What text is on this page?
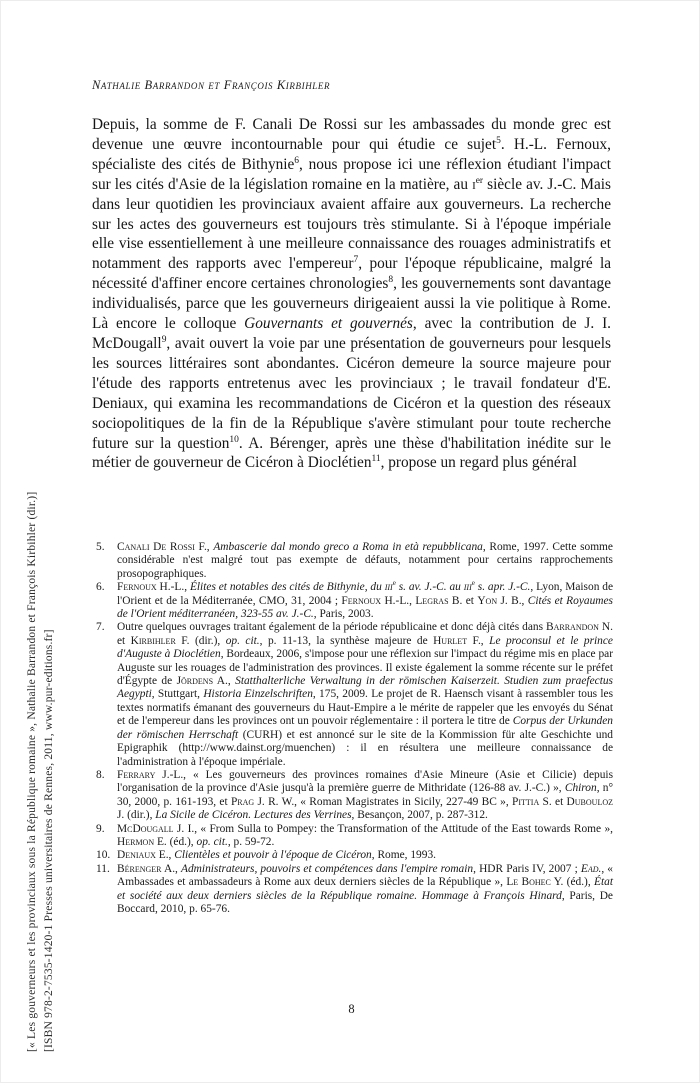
[« Les gouverneurs et les provinciaux sous la République romaine », Nathalie Barrandon et François Kirbihler (dir.)] [ISBN 978-2-7535-1420-1 Presses universitaires de Rennes, 2011, www.pur-editions.fr]
Nathalie Barrandon et François Kirbihler
Depuis, la somme de F. Canali De Rossi sur les ambassades du monde grec est devenue une œuvre incontournable pour qui étudie ce sujet$^5$. H.-L. Fernoux, spécialiste des cités de Bithynie$^6$, nous propose ici une réflexion étudiant l'impact sur les cités d'Asie de la législation romaine en la matière, au $i^{er}$ siècle av. J.-C. Mais dans leur quotidien les provinciaux avaient affaire aux gouverneurs. La recherche sur les actes des gouverneurs est toujours très stimulante. Si à l'époque impériale elle vise essentiellement à une meilleure connaissance des rouages administratifs et notamment des rapports avec l'empereur$^7$, pour l'époque républicaine, malgré la nécessité d'affiner encore certaines chronologies$^8$, les gouvernements sont davantage individualisés, parce que les gouverneurs dirigeaient aussi la vie politique à Rome. Là encore le colloque Gouvernants et gouvernés, avec la contribution de J. I. McDougall$^9$, avait ouvert la voie par une présentation de gouverneurs pour lesquels les sources littéraires sont abondantes. Cicéron demeure la source majeure pour l'étude des rapports entretenus avec les provinciaux ; le travail fondateur d'E. Deniaux, qui examina les recommandations de Cicéron et la question des réseaux sociopolitiques de la fin de la République s'avère stimulant pour toute recherche future sur la question$^{10}$. A. Bérenger, après une thèse d'habilitation inédite sur le métier de gouverneur de Cicéron à Dioclétien$^{11}$, propose un regard plus général
5.	Canali De Rossi F., Ambascerie dal mondo greco a Roma in età repubblicana, Rome, 1997. Cette somme considérable n'est malgré tout pas exempte de défauts, notamment pour certains rapprochements prosopographiques.
6.	Fernoux H.-L., Élites et notables des cités de Bithynie, du iii$^e$ s. av. J.-C. au iii$^e$ s. apr. J.-C., Lyon, Maison de l'Orient et de la Méditerranée, CMO, 31, 2004 ; Fernoux H.-L., Legras B. et Yon J. B., Cités et Royaumes de l'Orient méditerranéen, 323-55 av. J.-C., Paris, 2003.
7.	Outre quelques ouvrages traitant également de la période républicaine et donc déjà cités dans Barrandon N. et Kirbihler F. (dir.), op. cit., p. 11-13, la synthèse majeure de Hurlet F., Le proconsul et le prince d'Auguste à Dioclétien, Bordeaux, 2006, s'impose pour une réflexion sur l'impact du régime mis en place par Auguste sur les rouages de l'administration des provinces. Il existe également la somme récente sur le préfet d'Égypte de Jördens A., Statthalterliche Verwaltung in der römischen Kaiserzeit. Studien zum praefectus Aegypti, Stuttgart, Historia Einzelschriften, 175, 2009. Le projet de R. Haensch visant à rassembler tous les textes normatifs émanant des gouverneurs du Haut-Empire a le mérite de rappeler que les envoyés du Sénat et de l'empereur dans les provinces ont un pouvoir réglementaire : il portera le titre de Corpus der Urkunden der römischen Herrschaft (CURH) et est annoncé sur le site de la Kommission für alte Geschichte und Epigraphik (http://www.dainst.org/muenchen) : il en résultera une meilleure connaissance de l'administration à l'époque impériale.
8.	Ferrary J.-L., « Les gouverneurs des provinces romaines d'Asie Mineure (Asie et Cilicie) depuis l'organisation de la province d'Asie jusqu'à la première guerre de Mithridate (126-88 av. J.-C.) », Chiron, n° 30, 2000, p. 161-193, et Prag J. R. W., « Roman Magistrates in Sicily, 227-49 BC », Pittia S. et Dubouloz J. (dir.), La Sicile de Cicéron. Lectures des Verrines, Besançon, 2007, p. 287-312.
9.	McDougall J. I., « From Sulla to Pompey: the Transformation of the Attitude of the East towards Rome », Hermon E. (éd.), op. cit., p. 59-72.
10. Deniaux E., Clientèles et pouvoir à l'époque de Cicéron, Rome, 1993.
11. Bérenger A., Administrateurs, pouvoirs et compétences dans l'empire romain, HDR Paris IV, 2007 ; Ead., « Ambassades et ambassadeurs à Rome aux deux derniers siècles de la République », Le Bohec Y. (éd.), État et société aux deux derniers siècles de la République romaine. Hommage à François Hinard, Paris, De Boccard, 2010, p. 65-76.
8
